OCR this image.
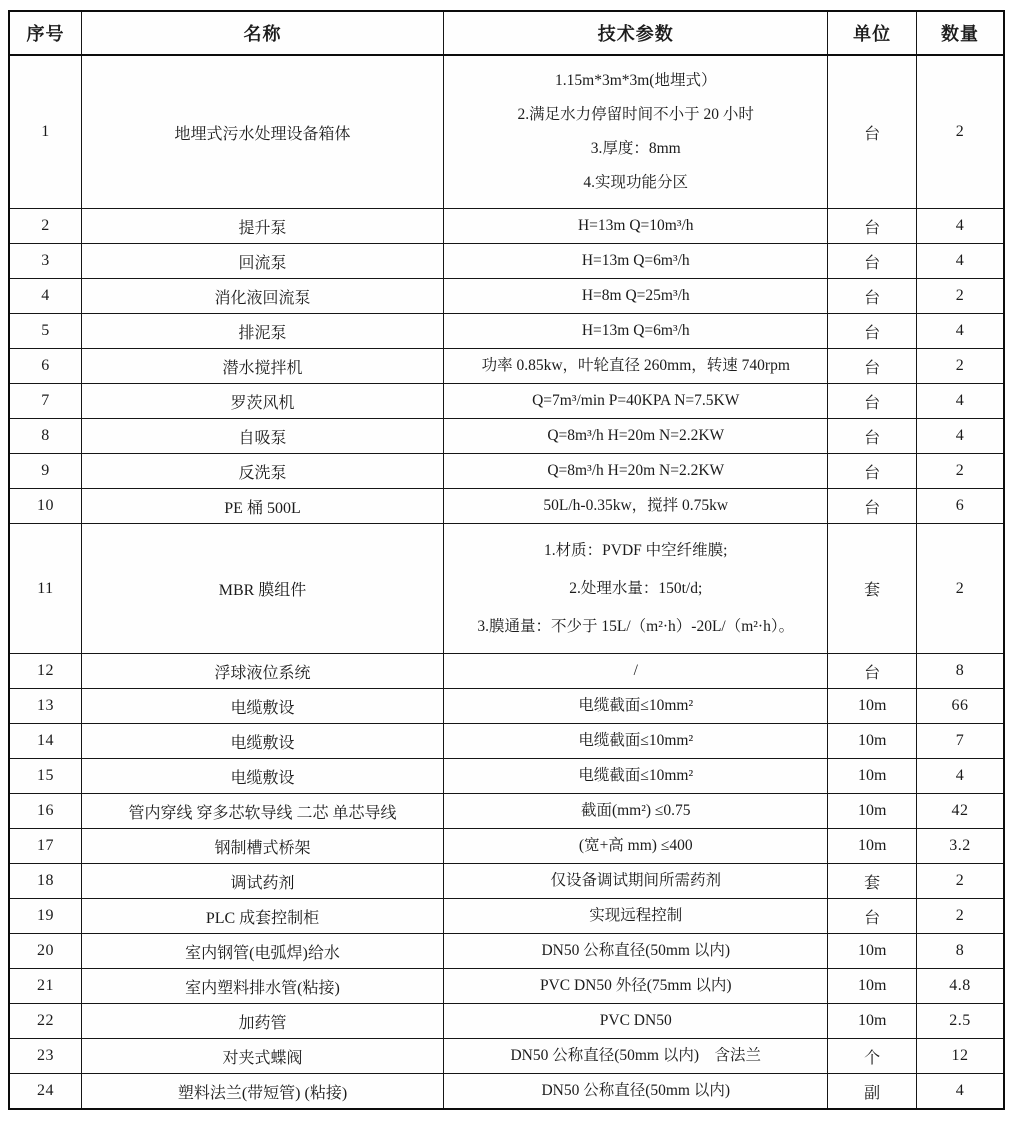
序号	名称	技术参数	单位	数量
1	地埋式污水处理设备箱体	1.15m*3m*3m(地埋式）
2.满足水力停留时间不小于 20 小时
3.厚度：8mm
4.实现功能分区	台	2
2	提升泵	H=13m Q=10m³/h	台	4
3	回流泵	H=13m Q=6m³/h	台	4
4	消化液回流泵	H=8m Q=25m³/h	台	2
5	排泥泵	H=13m Q=6m³/h	台	4
6	潜水搅拌机	功率 0.85kw，叶轮直径 260mm，转速 740rpm	台	2
7	罗茨风机	Q=7m³/min P=40KPA N=7.5KW	台	4
8	自吸泵	Q=8m³/h H=20m N=2.2KW	台	4
9	反洗泵	Q=8m³/h H=20m N=2.2KW	台	2
10	PE 桶 500L	50L/h-0.35kw，搅拌 0.75kw	台	6
11	MBR 膜组件	1.材质：PVDF 中空纤维膜;
2.处理水量：150t/d;
3.膜通量：不少于 15L/（m²·h）-20L/（m²·h）。	套	2
12	浮球液位系统	/	台	8
13	电缆敷设	电缆截面≤10mm²	10m	66
14	电缆敷设	电缆截面≤10mm²	10m	7
15	电缆敷设	电缆截面≤10mm²	10m	4
16	管内穿线 穿多芯软导线 二芯 单芯导线	截面(mm²) ≤0.75	10m	42
17	钢制槽式桥架	(宽+高 mm) ≤400	10m	3.2
18	调试药剂	仅设备调试期间所需药剂	套	2
19	PLC 成套控制柜	实现远程控制	台	2
20	室内钢管(电弧焊)给水	DN50 公称直径(50mm 以内)	10m	8
21	室内塑料排水管(粘接)	PVC DN50 外径(75mm 以内)	10m	4.8
22	加药管	PVC DN50	10m	2.5
23	对夹式蝶阀	DN50 公称直径(50mm 以内)　含法兰	个	12
24	塑料法兰(带短管) (粘接)	DN50 公称直径(50mm 以内)	副	4
